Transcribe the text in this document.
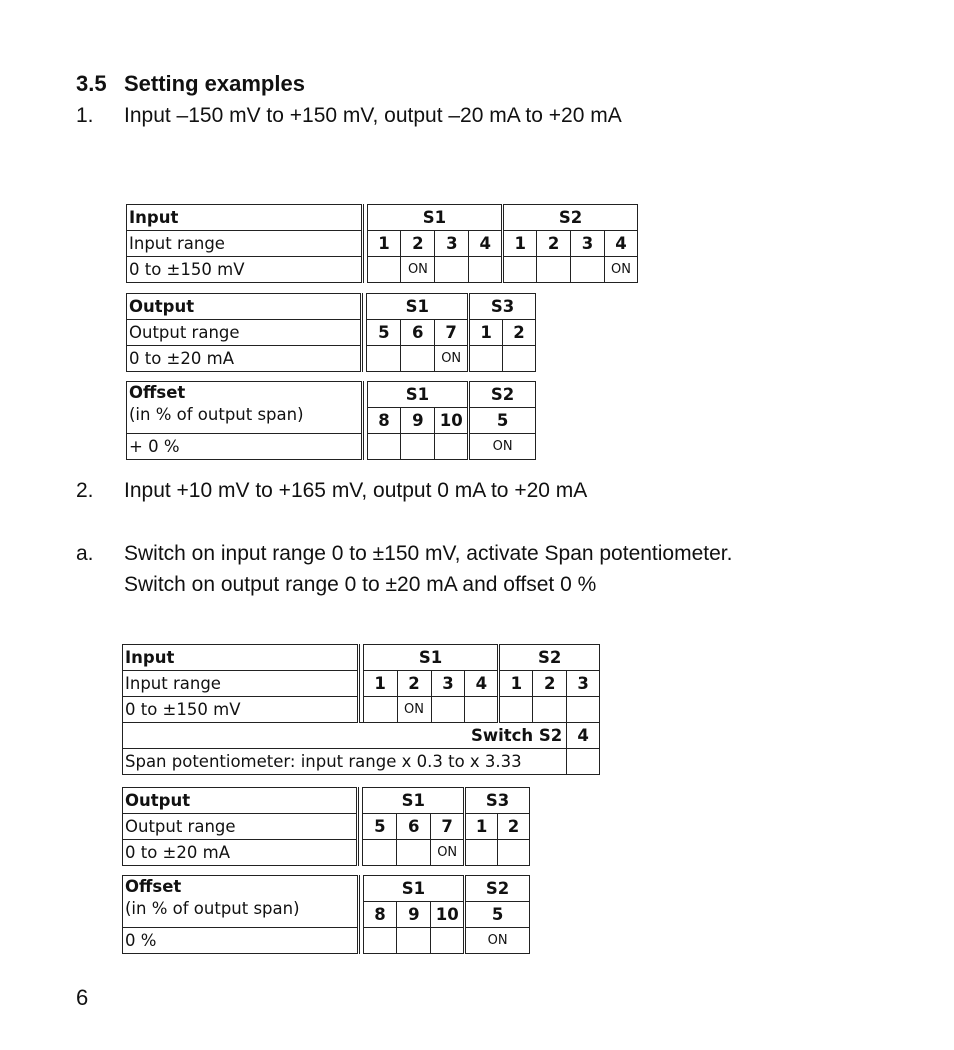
3.5 Setting examples
1. Input –150 mV to +150 mV, output –20 mA to +20 mA
Input		S1				S2			
Input range		1	2	3	4	1	2	3	4
0 to ±150 mV			ON						ON
Output		S1			S3	
Output range		5	6	7	1	2
0 to ±20 mA				ON		
Offset
(in % of output span)		S1			S2
		8	9	10	5
+ 0 %					ON
2. Input +10 mV to +165 mV, output 0 mA to +20 mA
a. Switch on input range 0 to ±150 mV, activate Span potentiometer.
Switch on output range 0 to ±20 mA and offset 0 %
Input		S1				S2		
Input range		1	2	3	4	1	2	3
0 to ±150 mV			ON					
Switch S2								4
Span potentiometer: input range x 0.3 to x 3.33								
Output		S1			S3	
Output range		5	6	7	1	2
0 to ±20 mA				ON		
Offset
(in % of output span)		S1			S2
		8	9	10	5
0 %					ON
6
